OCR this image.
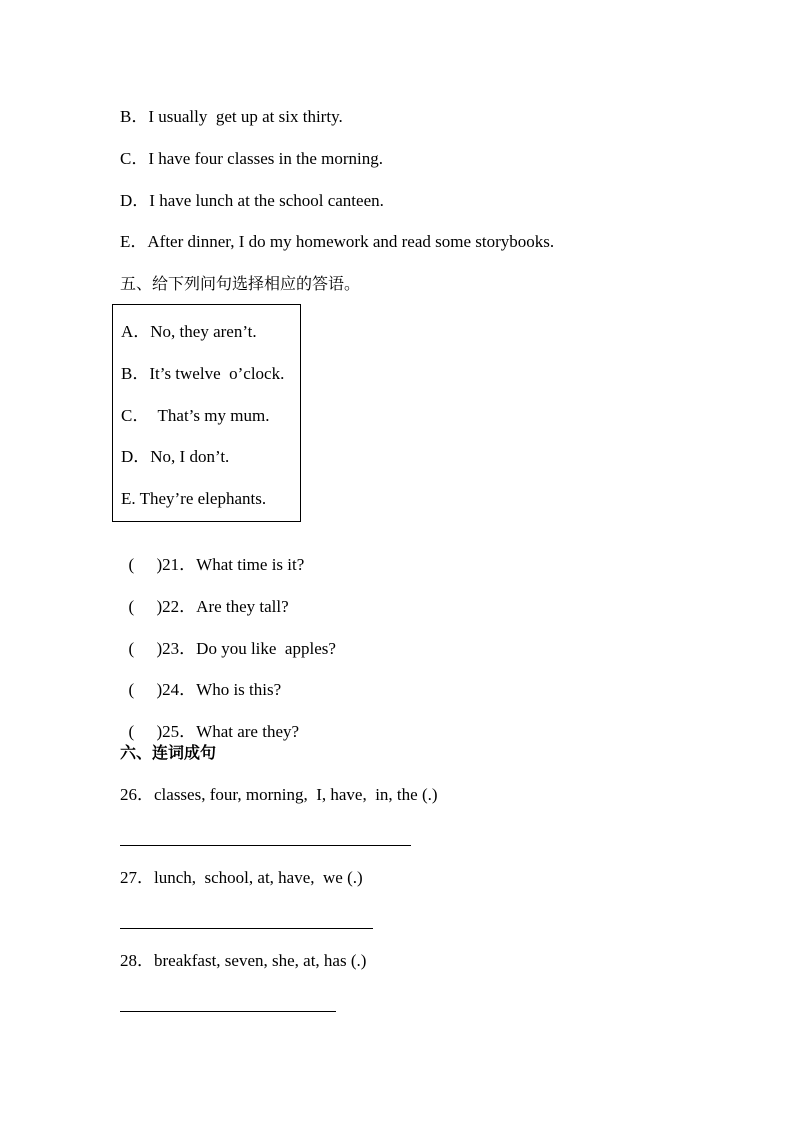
B．I usually  get up at six thirty.
C．I have four classes in the morning.
D．I have lunch at the school canteen.
E．After dinner, I do my homework and read some storybooks.
五、给下列问句选择相应的答语。
A．No, they aren’t.
B．It’s twelve  o’clock.
C．  That’s my mum.
D．No, I don’t.
E. They’re elephants.

( )21．What time is it?

( )22．Are they tall?

( )23．Do you like  apples?

( )24．Who is this?

( )25．What are they?

六、连词成句
26．classes, four, morning,  I, have,  in, the (.)
27．lunch,  school, at, have,  we (.)
28．breakfast, seven, she, at, has (.)
